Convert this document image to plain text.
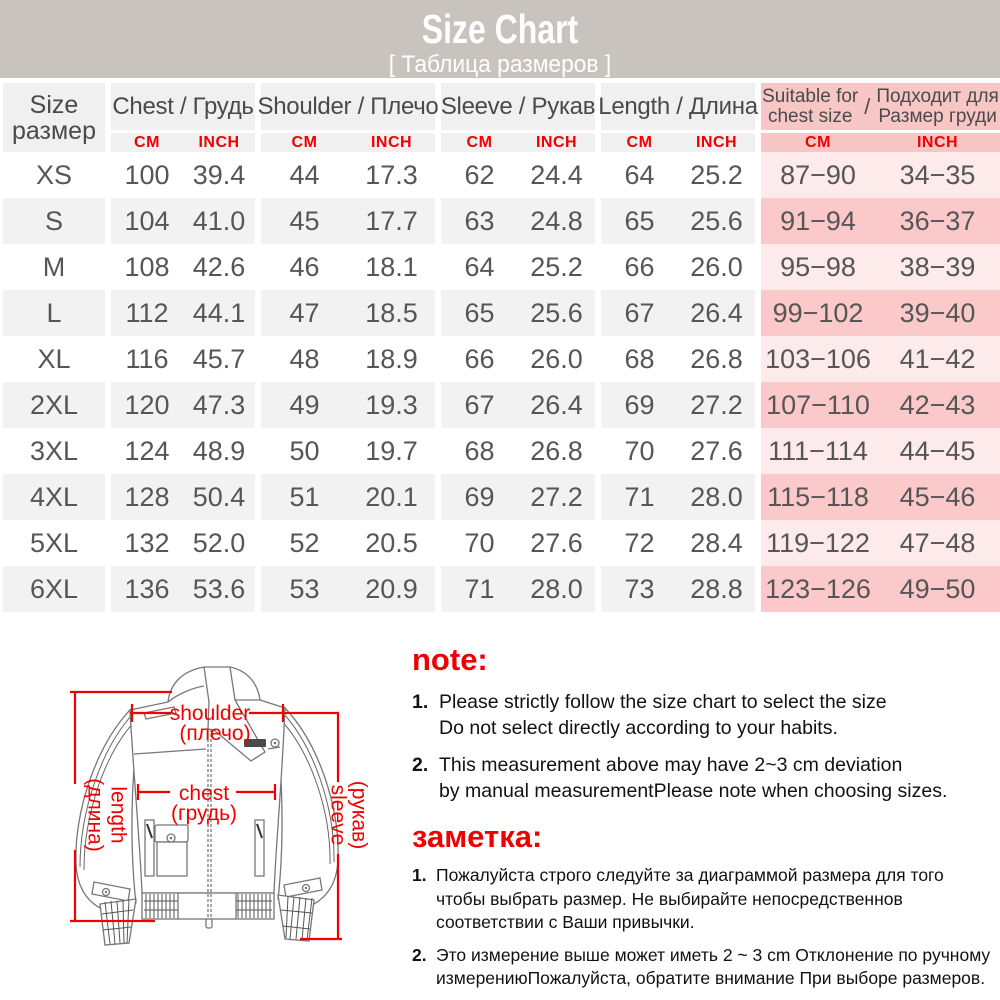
Size Chart
[ Таблица размеров ]
Size
размер
Chest / Грудь Shoulder / Плечо Sleeve / Рукав Length / Длина Suitable for
chest size / Подходит для
Размер груди
CM	INCH	CM	INCH	CM	INCH	CM	INCH	CM	INCH
XS	100 39.4	44	17.3	62	24.4	64	25.2	87−90	34−35
S	104 41.0	45	17.7	63	24.8	65	25.6	91−94	36−37
M	108 42.6	46	18.1	64	25.2	66	26.0	95−98	38−39
L	112 44.1	47	18.5	65	25.6	67	26.4	99−102	39−40
XL	116 45.7	48	18.9	66	26.0	68	26.8 103−106	41−42
2XL	120 47.3	49	19.3	67	26.4	69	27.2 107−110	42−43
3XL	124 48.9	50	19.7	68	26.8	70	27.6 111−114	44−45
4XL	128 50.4	51	20.1	69	27.2	71	28.0 115−118	45−46
5XL	132 52.0	52	20.5	70	27.6	72	28.4 119−122	47−48
6XL	136 53.6	53	20.9	71	28.0	73	28.8 123−126	49−50
shoulder
(плечо)
chest
(грудь)
length
(длина)	sleeve
(рукав)
note:
1. Please strictly follow the size chart to select the size
Do not select directly according to your habits.
2. This measurement above may have 2~3 cm deviation
by manual measurementPlease note when choosing sizes.
заметка:
1. Пожалуйста строго следуйте за диаграммой размера для того
чтобы выбрать размер. Не выбирайте непосредственнов
соответствии с Ваши привычки.
2. Это измерение выше может иметь 2 ~ 3 cm Отклонение по ручному
измерениюПожалуйста, обратите внимание При выборе размеров.
